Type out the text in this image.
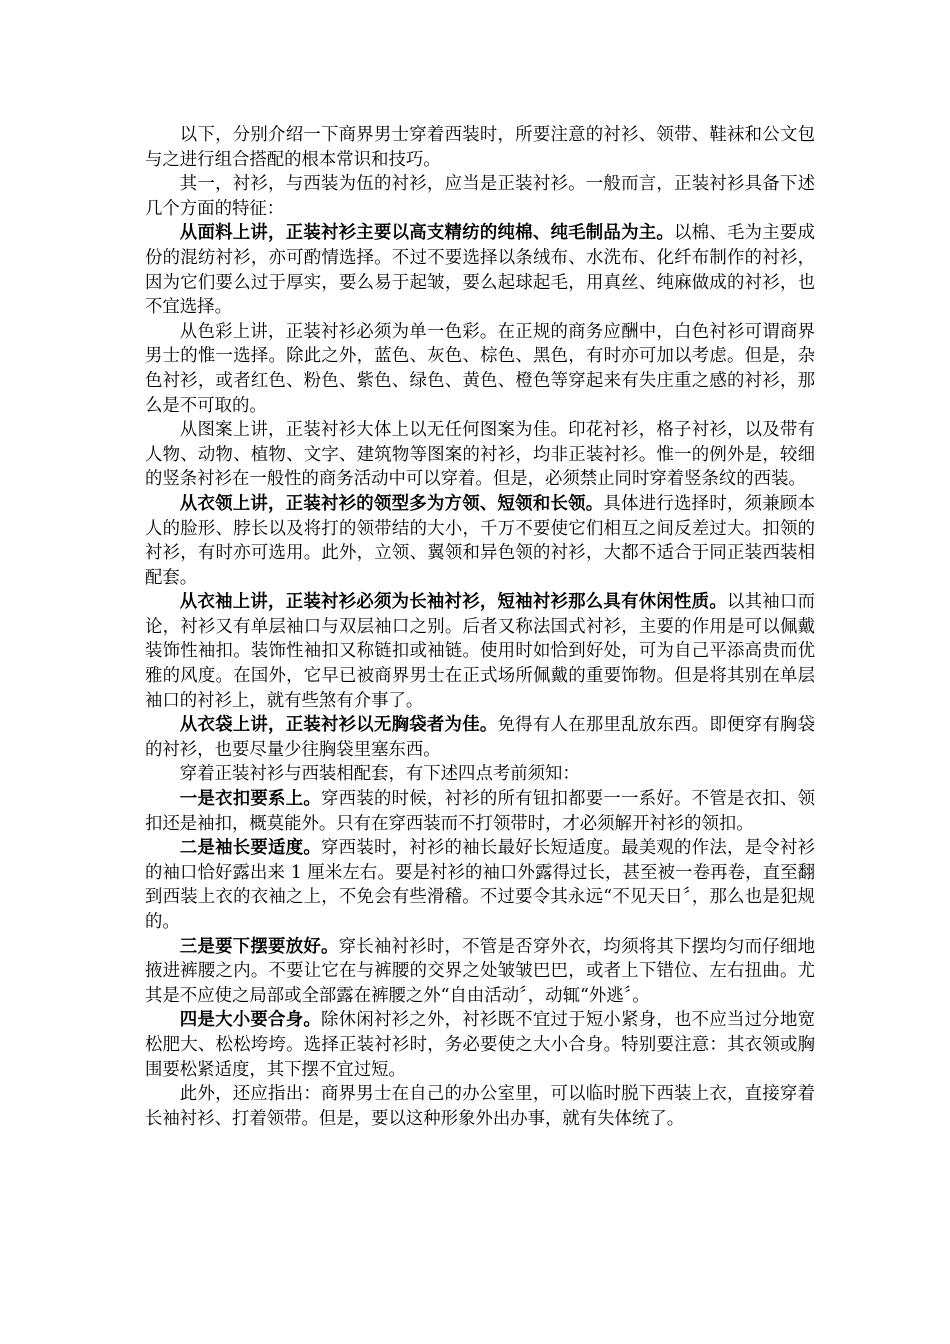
以下，分别介绍一下商界男士穿着西装时，所要注意的衬衫、领带、鞋袜和公文包与之进行组合搭配的根本常识和技巧。

其一，衬衫，与西装为伍的衬衫，应当是正装衬衫。一般而言，正装衬衫具备下述几个方面的特征：

从面料上讲，正装衬衫主要以高支精纺的纯棉、纯毛制品为主。以棉、毛为主要成份的混纺衬衫，亦可酌情选择。不过不要选择以条绒布、水洗布、化纤布制作的衬衫，因为它们要么过于厚实，要么易于起皱，要么起球起毛，用真丝、纯麻做成的衬衫，也不宜选择。

从色彩上讲，正装衬衫必须为单一色彩。在正规的商务应酬中，白色衬衫可谓商界男士的惟一选择。除此之外，蓝色、灰色、棕色、黑色，有时亦可加以考虑。但是，杂色衬衫，或者红色、粉色、紫色、绿色、黄色、橙色等穿起来有失庄重之感的衬衫，那么是不可取的。

从图案上讲，正装衬衫大体上以无任何图案为佳。印花衬衫，格子衬衫，以及带有人物、动物、植物、文字、建筑物等图案的衬衫，均非正装衬衫。惟一的例外是，较细的竖条衬衫在一般性的商务活动中可以穿着。但是，必须禁止同时穿着竖条纹的西装。

从衣领上讲，正装衬衫的领型多为方领、短领和长领。具体进行选择时，须兼顾本人的脸形、脖长以及将打的领带结的大小，千万不要使它们相互之间反差过大。扣领的衬衫，有时亦可选用。此外，立领、翼领和异色领的衬衫，大都不适合于同正装西装相配套。

从衣袖上讲，正装衬衫必须为长袖衬衫，短袖衬衫那么具有休闲性质。以其袖口而论，衬衫又有单层袖口与双层袖口之别。后者又称法国式衬衫，主要的作用是可以佩戴装饰性袖扣。装饰性袖扣又称链扣或袖链。使用时如恰到好处，可为自己平添高贵而优雅的风度。在国外，它早已被商界男士在正式场所佩戴的重要饰物。但是将其别在单层袖口的衬衫上，就有些煞有介事了。

从衣袋上讲，正装衬衫以无胸袋者为佳。免得有人在那里乱放东西。即便穿有胸袋的衬衫，也要尽量少往胸袋里塞东西。

穿着正装衬衫与西装相配套，有下述四点考前须知：

一是衣扣要系上。穿西装的时候，衬衫的所有钮扣都要一一系好。不管是衣扣、领扣还是袖扣，概莫能外。只有在穿西装而不打领带时，才必须解开衬衫的领扣。

二是袖长要适度。穿西装时，衬衫的袖长最好长短适度。最美观的作法，是令衬衫的袖口恰好露出来 1 厘米左右。要是衬衫的袖口外露得过长，甚至被一卷再卷，直至翻到西装上衣的衣袖之上，不免会有些滑稽。不过要令其永远“不见天日〞，那么也是犯规的。

三是要下摆要放好。穿长袖衬衫时，不管是否穿外衣，均须将其下摆均匀而仔细地掖进裤腰之内。不要让它在与裤腰的交界之处皱皱巴巴，或者上下错位、左右扭曲。尤其是不应使之局部或全部露在裤腰之外“自由活动〞，动辄“外逃〞。

四是大小要合身。除休闲衬衫之外，衬衫既不宜过于短小紧身，也不应当过分地宽松肥大、松松垮垮。选择正装衬衫时，务必要使之大小合身。特别要注意：其衣领或胸围要松紧适度，其下摆不宜过短。

此外，还应指出：商界男士在自己的办公室里，可以临时脱下西装上衣，直接穿着长袖衬衫、打着领带。但是，要以这种形象外出办事，就有失体统了。
